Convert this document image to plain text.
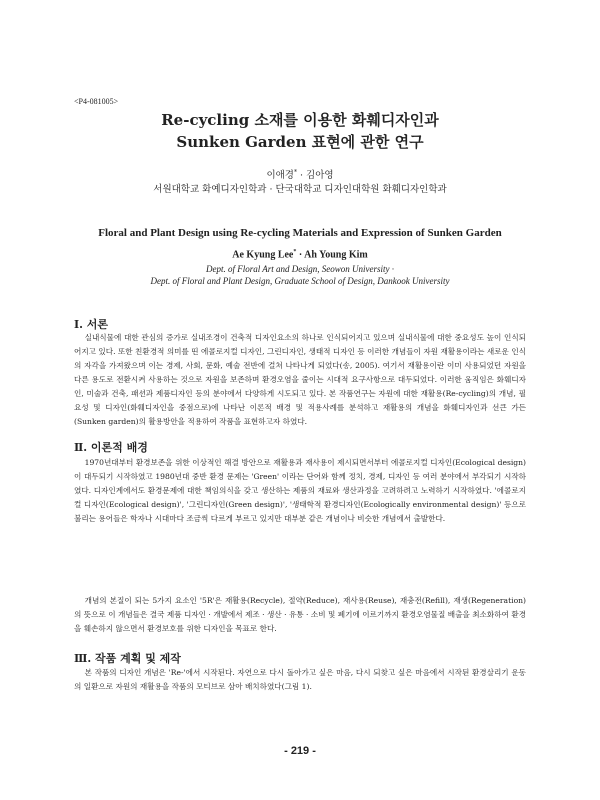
<P4-081005>
Re-cycling 소재를 이용한 화훼디자인과
Sunken Garden 표현에 관한 연구
이애경* · 김아영
서원대학교 화예디자인학과 · 단국대학교 디자인대학원 화훼디자인학과
Floral and Plant Design using Re-cycling Materials and Expression of Sunken Garden
Ae Kyung Lee* · Ah Young Kim
Dept. of Floral Art and Design, Seowon University ·
Dept. of Floral and Plant Design, Graduate School of Design, Dankook University
Ⅰ. 서론
실내식물에 대한 관심의 증가로 실내조경이 건축적 디자인요소의 하나로 인식되어지고 있으며 실내식물에 대한 중요성도 높이 인식되어지고 있다. 또한 친환경적 의미를 띤 에콜로지컬 디자인, 그린디자인, 생태적 디자인 등 이러한 개념들이 자원 재활용이라는 새로운 인식의 자각을 가져왔으며 이는 경제, 사회, 문화, 예술 전반에 걸쳐 나타나게 되었다(송, 2005). 여기서 재활용이란 이미 사용되었던 자원을 다른 용도로 전환시켜 사용하는 것으로 자원을 보존하며 환경오염을 줄이는 시대적 요구사항으로 대두되었다. 이러한 움직임은 화훼디자인, 미술과 건축, 패션과 제품디자인 등의 분야에서 다양하게 시도되고 있다. 본 작품연구는 자원에 대한 재활용(Re-cycling)의 개념, 필요성 및 디자인(화훼디자인을 중점으로)에 나타난 이론적 배경 및 적용사례를 분석하고 재활용의 개념을 화훼디자인과 선큰 가든(Sunken garden)의 활용방안을 적용하여 작품을 표현하고자 하였다.
Ⅱ. 이론적 배경
1970년대부터 환경보존을 위한 이상적인 해결 방안으로 재활용과 재사용이 제시되면서부터 에콜로지컬 디자인(Ecological design)이 대두되기 시작하였고 1980년대 중반 환경 문제는 'Green' 이라는 단어와 함께 정치, 경제, 디자인 등 여러 분야에서 부각되기 시작하였다. 디자인계에서도 환경문제에 대한 책임의식을 갖고 생산하는 제품의 재료와 생산과정을 고려하려고 노력하기 시작하였다. '에콜로지컬 디자인(Ecological design)', '그린디자인(Green design)', '생태학적 환경디자인(Ecologically environmental design)' 등으로 불리는 용어들은 학자나 시대마다 조금씩 다르게 부르고 있지만 대부분 같은 개념이나 비슷한 개념에서 출발한다.
개념의 본질이 되는 5가지 요소인 '5R'은 재활용(Recycle), 절약(Reduce), 재사용(Reuse), 재충전(Refill), 재생(Regeneration)의 뜻으로 이 개념들은 결국 제품 디자인 · 개발에서 제조 · 생산 · 유통 · 소비 및 폐기에 이르기까지 환경오염물질 배출을 최소화하여 환경을 훼손하지 않으면서 환경보호를 위한 디자인을 목표로 한다.
Ⅲ. 작품 계획 및 제작
본 작품의 디자인 개념은 'Re-'에서 시작된다. 자연으로 다시 돌아가고 싶은 마음, 다시 되찾고 싶은 마음에서 시작된 환경살리기 운동의 일환으로 자원의 재활용을 작품의 모티브로 삼아 배치하였다(그림 1).
- 219 -
